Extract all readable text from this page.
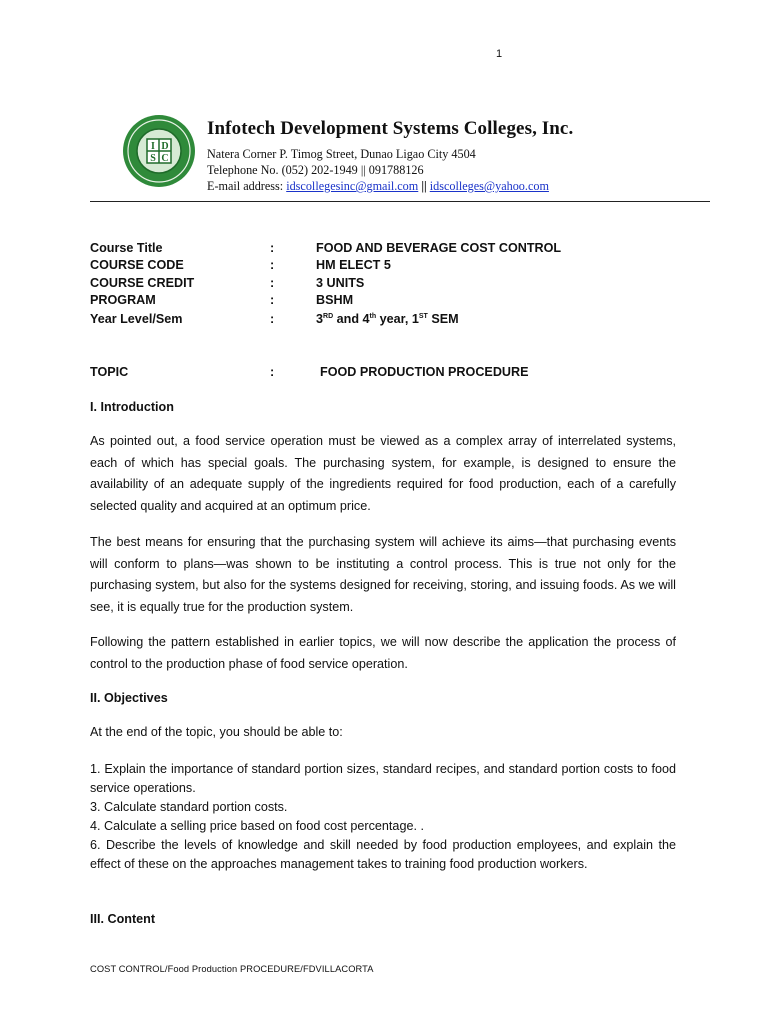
1
I D
S C
Infotech Development Systems Colleges, Inc.
Natera Corner P. Timog Street, Dunao Ligao City 4504
Telephone No. (052) 202-1949 || 091788126
E-mail address: idscollegesinc@gmail.com || idscolleges@yahoo.com
Course Title	:	FOOD AND BEVERAGE COST CONTROL
COURSE CODE	:	HM ELECT 5
COURSE CREDIT	:	3 UNITS
PROGRAM	:	BSHM
Year Level/Sem	:	3RD and 4th year, 1ST SEM
TOPIC	:	FOOD PRODUCTION PROCEDURE
I. Introduction
As pointed out, a food service operation must be viewed as a complex array of interrelated systems, each of which has special goals. The purchasing system, for example, is designed to ensure the availability of an adequate supply of the ingredients required for food production, each of a carefully selected quality and acquired at an optimum price.
The best means for ensuring that the purchasing system will achieve its aims—that purchasing events will conform to plans—was shown to be instituting a control process. This is true not only for the purchasing system, but also for the systems designed for receiving, storing, and issuing foods. As we will see, it is equally true for the production system.
Following the pattern established in earlier topics, we will now describe the application the process of control to the production phase of food service operation.
II. Objectives
At the end of the topic, you should be able to:
1. Explain the importance of standard portion sizes, standard recipes, and standard portion costs to food service operations.
3. Calculate standard portion costs.
4. Calculate a selling price based on food cost percentage. .
6. Describe the levels of knowledge and skill needed by food production employees, and explain the effect of these on the approaches management takes to training food production workers.
III. Content
COST CONTROL/Food Production PROCEDURE/FDVILLACORTA
